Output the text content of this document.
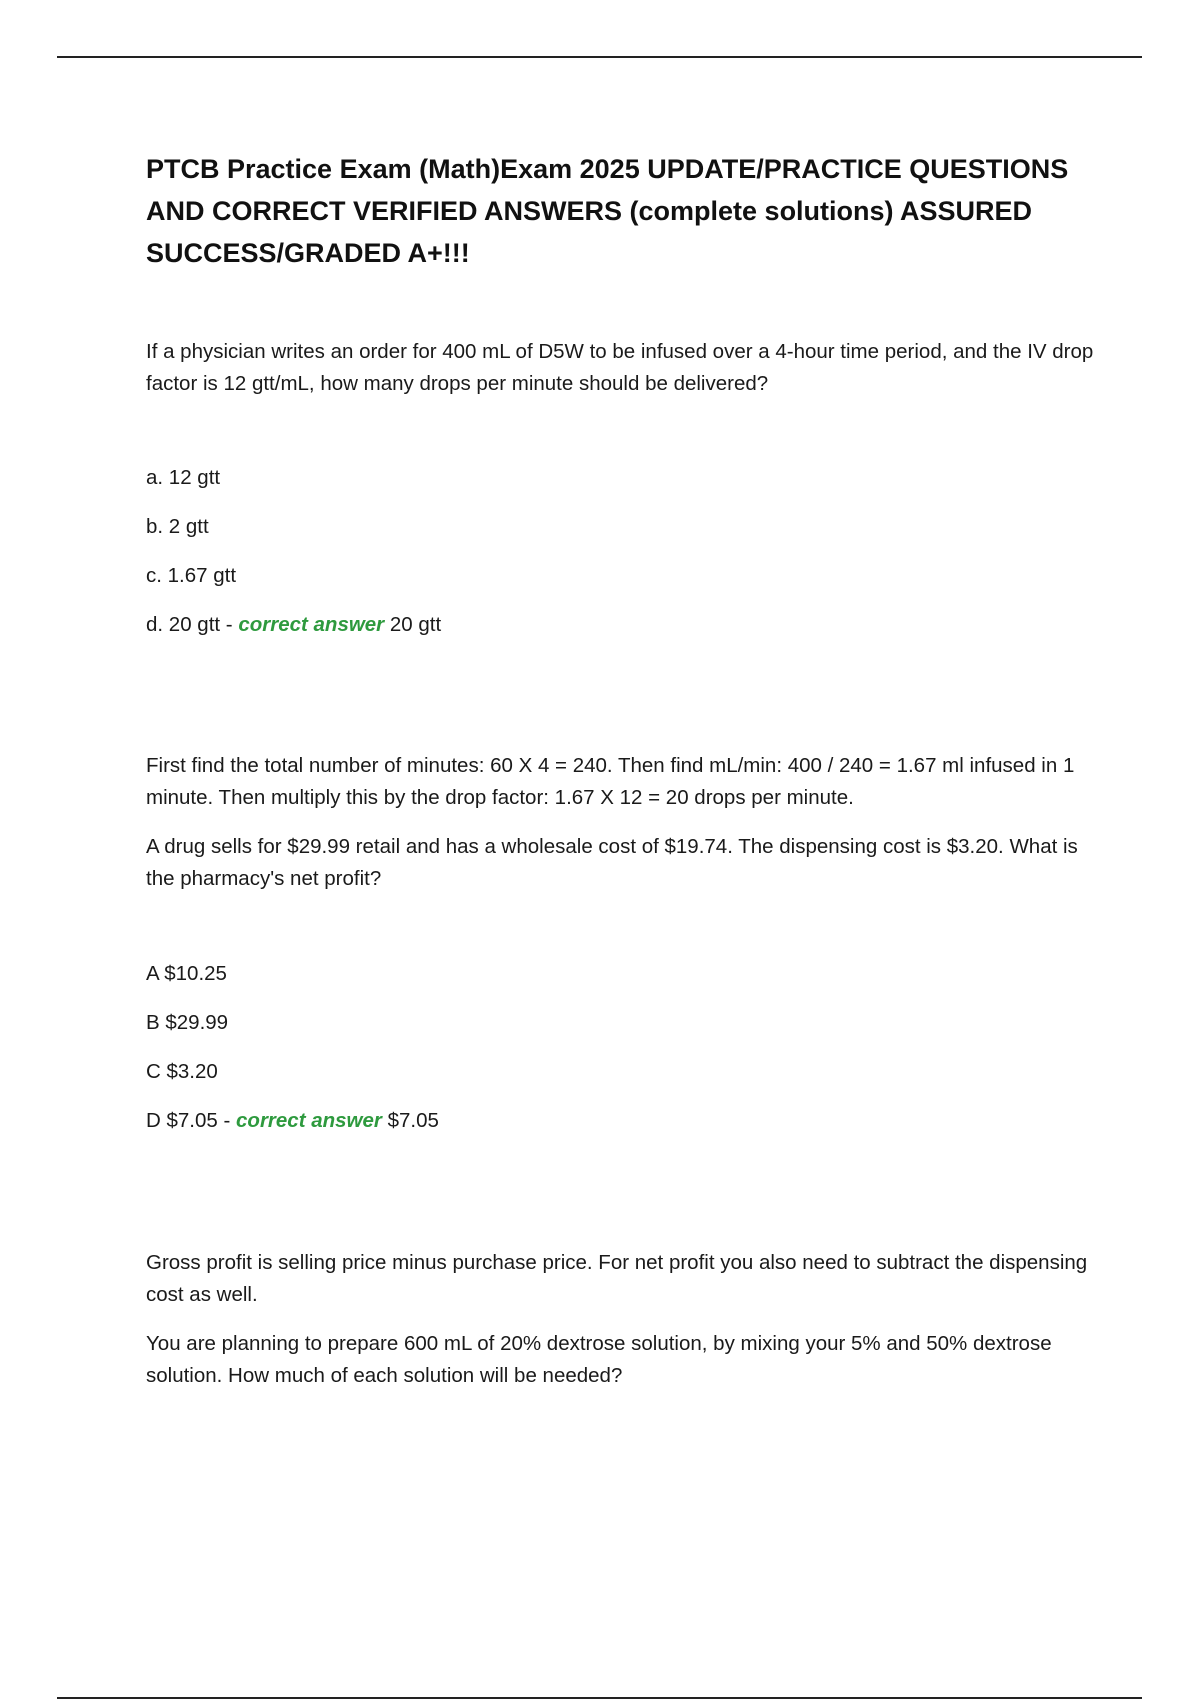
PTCB Practice Exam (Math)Exam 2025 UPDATE/PRACTICE QUESTIONS AND CORRECT VERIFIED ANSWERS (complete solutions) ASSURED SUCCESS/GRADED A+!!!

If a physician writes an order for 400 mL of D5W to be infused over a 4-hour time period, and the IV drop factor is 12 gtt/mL, how many drops per minute should be delivered?

a. 12 gtt

b. 2 gtt

c. 1.67 gtt

d. 20 gtt - correct answer 20 gtt

First find the total number of minutes: 60 X 4 = 240. Then find mL/min: 400 / 240 = 1.67 ml infused in 1 minute. Then multiply this by the drop factor: 1.67 X 12 = 20 drops per minute.

A drug sells for $29.99 retail and has a wholesale cost of $19.74. The dispensing cost is $3.20. What is the pharmacy's net profit?

A $10.25

B $29.99

C $3.20

D $7.05 - correct answer $7.05

Gross profit is selling price minus purchase price. For net profit you also need to subtract the dispensing cost as well.

You are planning to prepare 600 mL of 20% dextrose solution, by mixing your 5% and 50% dextrose solution. How much of each solution will be needed?
